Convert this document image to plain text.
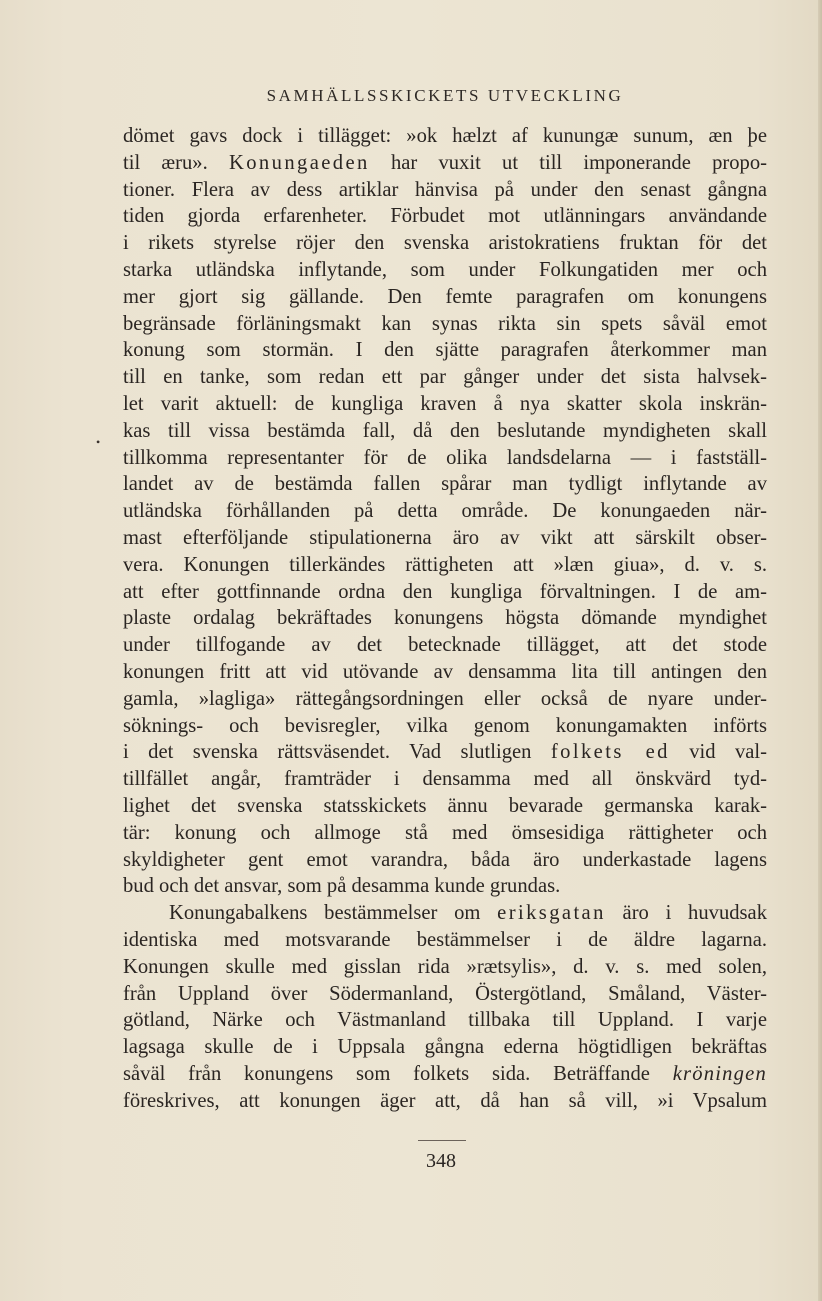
SAMHÄLLSSKICKETS UTVECKLING
•
dömet gavs dock i tillägget: »ok hælzt af kunungæ sunum, æn þe
til æru». Konungaeden har vuxit ut till imponerande propo-
tioner. Flera av dess artiklar hänvisa på under den senast gångna
tiden gjorda erfarenheter. Förbudet mot utlänningars användande
i rikets styrelse röjer den svenska aristokratiens fruktan för det
starka utländska inflytande, som under Folkungatiden mer och
mer gjort sig gällande. Den femte paragrafen om konungens
begränsade förläningsmakt kan synas rikta sin spets såväl emot
konung som stormän. I den sjätte paragrafen återkommer man
till en tanke, som redan ett par gånger under det sista halvsek-
let varit aktuell: de kungliga kraven å nya skatter skola inskrän-
kas till vissa bestämda fall, då den beslutande myndigheten skall
tillkomma representanter för de olika landsdelarna — i fastställ-
landet av de bestämda fallen spårar man tydligt inflytande av
utländska förhållanden på detta område. De konungaeden när-
mast efterföljande stipulationerna äro av vikt att särskilt obser-
vera. Konungen tillerkändes rättigheten att »læn giua», d. v. s.
att efter gottfinnande ordna den kungliga förvaltningen. I de am-
plaste ordalag bekräftades konungens högsta dömande myndighet
under tillfogande av det betecknade tillägget, att det stode
konungen fritt att vid utövande av densamma lita till antingen den
gamla, »lagliga» rättegångsordningen eller också de nyare under-
söknings- och bevisregler, vilka genom konungamakten införts
i det svenska rättsväsendet. Vad slutligen folkets ed vid val-
tillfället angår, framträder i densamma med all önskvärd tyd-
lighet det svenska statsskickets ännu bevarade germanska karak-
tär: konung och allmoge stå med ömsesidiga rättigheter och
skyldigheter gent emot varandra, båda äro underkastade lagens
bud och det ansvar, som på desamma kunde grundas.
Konungabalkens bestämmelser om eriksgatan äro i huvudsak
identiska med motsvarande bestämmelser i de äldre lagarna.
Konungen skulle med gisslan rida »rætsylis», d. v. s. med solen,
från Uppland över Södermanland, Östergötland, Småland, Väster-
götland, Närke och Västmanland tillbaka till Uppland. I varje
lagsaga skulle de i Uppsala gångna ederna högtidligen bekräftas
såväl från konungens som folkets sida. Beträffande kröningen
föreskrives, att konungen äger att, då han så vill, »i Vpsalum
348
